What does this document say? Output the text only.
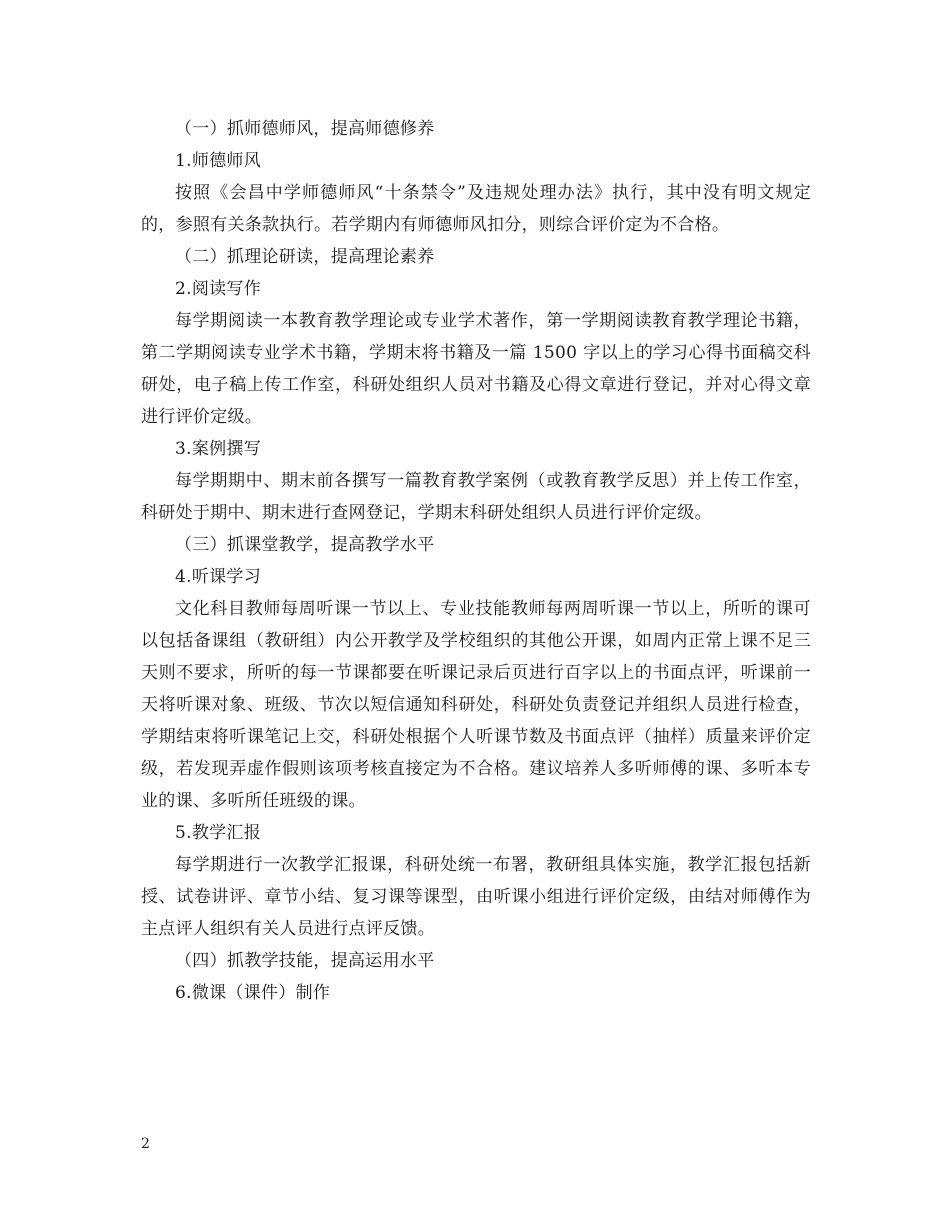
（一）抓师德师风，提高师德修养

1.师德师风

按照《会昌中学师德师风“十条禁令”及违规处理办法》执行，其中没有明文规定的，参照有关条款执行。若学期内有师德师风扣分，则综合评价定为不合格。

（二）抓理论研读，提高理论素养

2.阅读写作

每学期阅读一本教育教学理论或专业学术著作，第一学期阅读教育教学理论书籍，第二学期阅读专业学术书籍，学期末将书籍及一篇 1500 字以上的学习心得书面稿交科研处，电子稿上传工作室，科研处组织人员对书籍及心得文章进行登记，并对心得文章进行评价定级。

3.案例撰写

每学期期中、期末前各撰写一篇教育教学案例（或教育教学反思）并上传工作室，科研处于期中、期末进行查网登记，学期末科研处组织人员进行评价定级。

（三）抓课堂教学，提高教学水平

4.听课学习

文化科目教师每周听课一节以上、专业技能教师每两周听课一节以上，所听的课可以包括备课组（教研组）内公开教学及学校组织的其他公开课，如周内正常上课不足三天则不要求，所听的每一节课都要在听课记录后页进行百字以上的书面点评，听课前一天将听课对象、班级、节次以短信通知科研处，科研处负责登记并组织人员进行检查，学期结束将听课笔记上交，科研处根据个人听课节数及书面点评（抽样）质量来评价定级，若发现弄虚作假则该项考核直接定为不合格。建议培养人多听师傅的课、多听本专业的课、多听所任班级的课。

5.教学汇报

每学期进行一次教学汇报课，科研处统一布署，教研组具体实施，教学汇报包括新授、试卷讲评、章节小结、复习课等课型，由听课小组进行评价定级，由结对师傅作为主点评人组织有关人员进行点评反馈。

（四）抓教学技能，提高运用水平

6.微课（课件）制作

2
